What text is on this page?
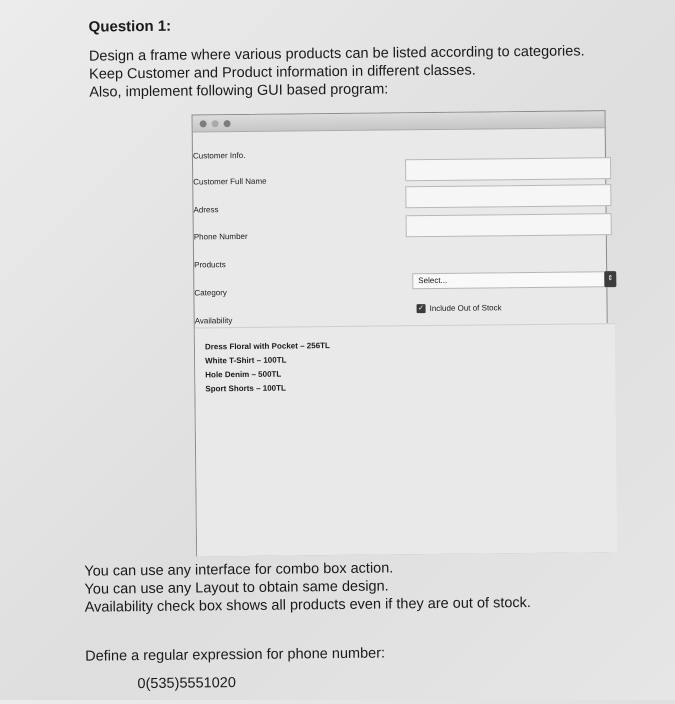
Question 1:
Design a frame where various products can be listed according to categories.
Keep Customer and Product information in different classes.
Also, implement following GUI based program:
Customer Info.
Customer Full Name
Adress
Phone Number
Products
Select...	⇕
Category
✓ Include Out of Stock
Availability
Dress Floral with Pocket – 256TL
White T-Shirt – 100TL
Hole Denim – 500TL
Sport Shorts – 100TL
You can use any interface for combo box action.
You can use any Layout to obtain same design.
Availability check box shows all products even if they are out of stock.
Define a regular expression for phone number:
0(535)5551020
